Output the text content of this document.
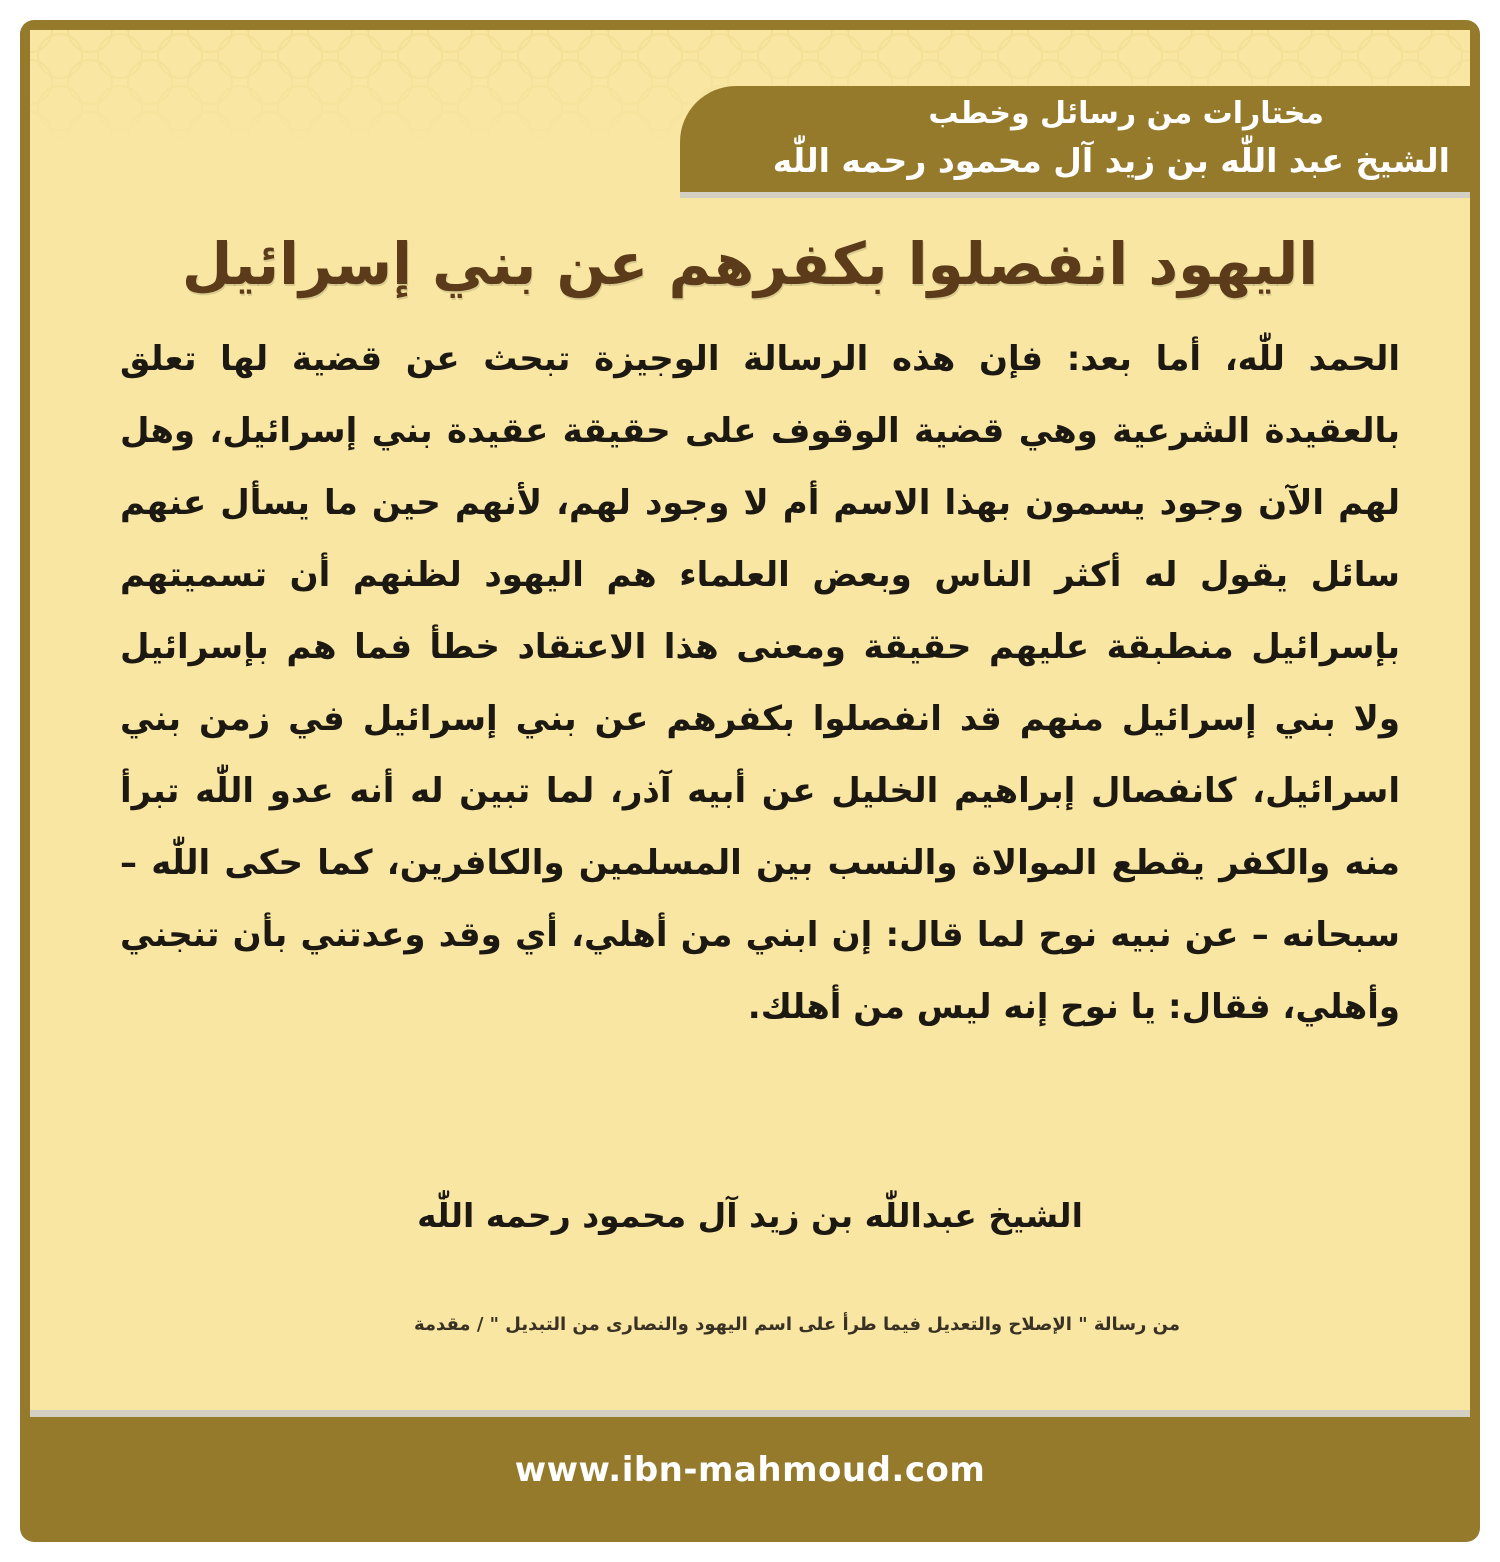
مختارات من رسائل وخطب
الشيخ عبد اللّٰه بن زيد آل محمود رحمه اللّٰه
اليهود انفصلوا بكفرهم عن بني إسرائيل
الحمد للّٰه، أما بعد: فإن هذه الرسالة الوجيزة تبحث عن قضية لها تعلق بالعقيدة الشرعية وهي قضية الوقوف على حقيقة عقيدة بني إسرائيل، وهل لهم الآن وجود يسمون بهذا الاسم أم لا وجود لهم، لأنهم حين ما يسأل عنهم سائل يقول له أكثر الناس وبعض العلماء هم اليهود لظنهم أن تسميتهم بإسرائيل منطبقة عليهم حقيقة ومعنى هذا الاعتقاد خطأ فما هم بإسرائيل ولا بني إسرائيل منهم قد انفصلوا بكفرهم عن بني إسرائيل في زمن بني اسرائيل، كانفصال إبراهيم الخليل عن أبيه آذر، لما تبين له أنه عدو اللّٰه تبرأ منه والكفر يقطع الموالاة والنسب بين المسلمين والكافرين، كما حكى اللّٰه – سبحانه – عن نبيه نوح لما قال: إن ابني من أهلي، أي وقد وعدتني بأن تنجني وأهلي، فقال: يا نوح إنه ليس من أهلك.
الشيخ عبداللّٰه بن زيد آل محمود رحمه اللّٰه
من رسالة " الإصلاح والتعديل فيما طرأ على اسم اليهود والنصارى من التبديل " / مقدمة
www.ibn-mahmoud.com
